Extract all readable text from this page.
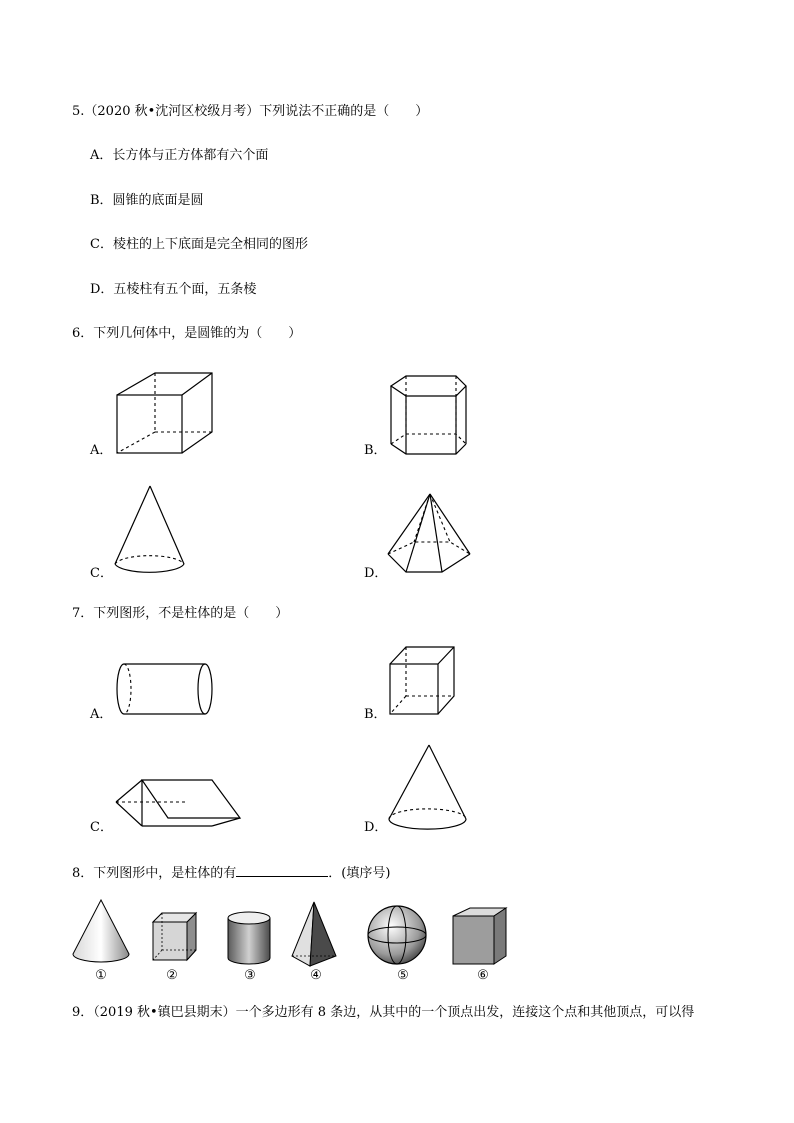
5.（2020 秋•沈河区校级月考）下列说法不正确的是（　　）
A．长方体与正方体都有六个面
B．圆锥的底面是圆
C．棱柱的上下底面是完全相同的图形
D．五棱柱有五个面，五条棱
6．下列几何体中，是圆锥的为（　　）
A．	B．
C．	D．
7．下列图形，不是柱体的是（　　）
A．	B．
C．	D．
8．下列图形中，是柱体的有	．(填序号)
①	②	③	④	⑤	⑥
9．（2019 秋•镇巴县期末）一个多边形有 8 条边，从其中的一个顶点出发，连接这个点和其他顶点，可以得
